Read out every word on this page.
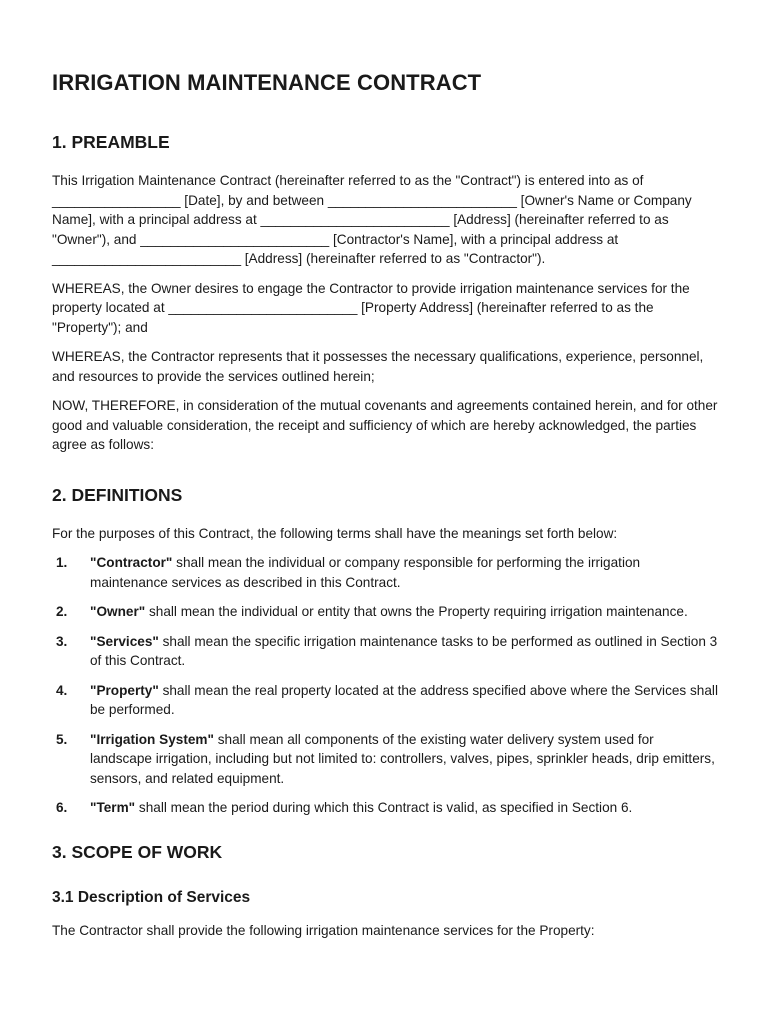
IRRIGATION MAINTENANCE CONTRACT
1. PREAMBLE

This Irrigation Maintenance Contract (hereinafter referred to as the "Contract") is entered into as of _________________ [Date], by and between _________________________ [Owner's Name or Company Name], with a principal address at _________________________ [Address] (hereinafter referred to as "Owner"), and _________________________ [Contractor's Name], with a principal address at _________________________ [Address] (hereinafter referred to as "Contractor").

WHEREAS, the Owner desires to engage the Contractor to provide irrigation maintenance services for the property located at _________________________ [Property Address] (hereinafter referred to as the "Property"); and

WHEREAS, the Contractor represents that it possesses the necessary qualifications, experience, personnel, and resources to provide the services outlined herein;

NOW, THEREFORE, in consideration of the mutual covenants and agreements contained herein, and for other good and valuable consideration, the receipt and sufficiency of which are hereby acknowledged, the parties agree as follows:

2. DEFINITIONS

For the purposes of this Contract, the following terms shall have the meanings set forth below:

1.	"Contractor" shall mean the individual or company responsible for performing the irrigation maintenance services as described in this Contract.
2.	"Owner" shall mean the individual or entity that owns the Property requiring irrigation maintenance.
3.	"Services" shall mean the specific irrigation maintenance tasks to be performed as outlined in Section 3 of this Contract.
4.	"Property" shall mean the real property located at the address specified above where the Services shall be performed.
5.	"Irrigation System" shall mean all components of the existing water delivery system used for landscape irrigation, including but not limited to: controllers, valves, pipes, sprinkler heads, drip emitters, sensors, and related equipment.
6.	"Term" shall mean the period during which this Contract is valid, as specified in Section 6.
3. SCOPE OF WORK
3.1 Description of Services

The Contractor shall provide the following irrigation maintenance services for the Property:
